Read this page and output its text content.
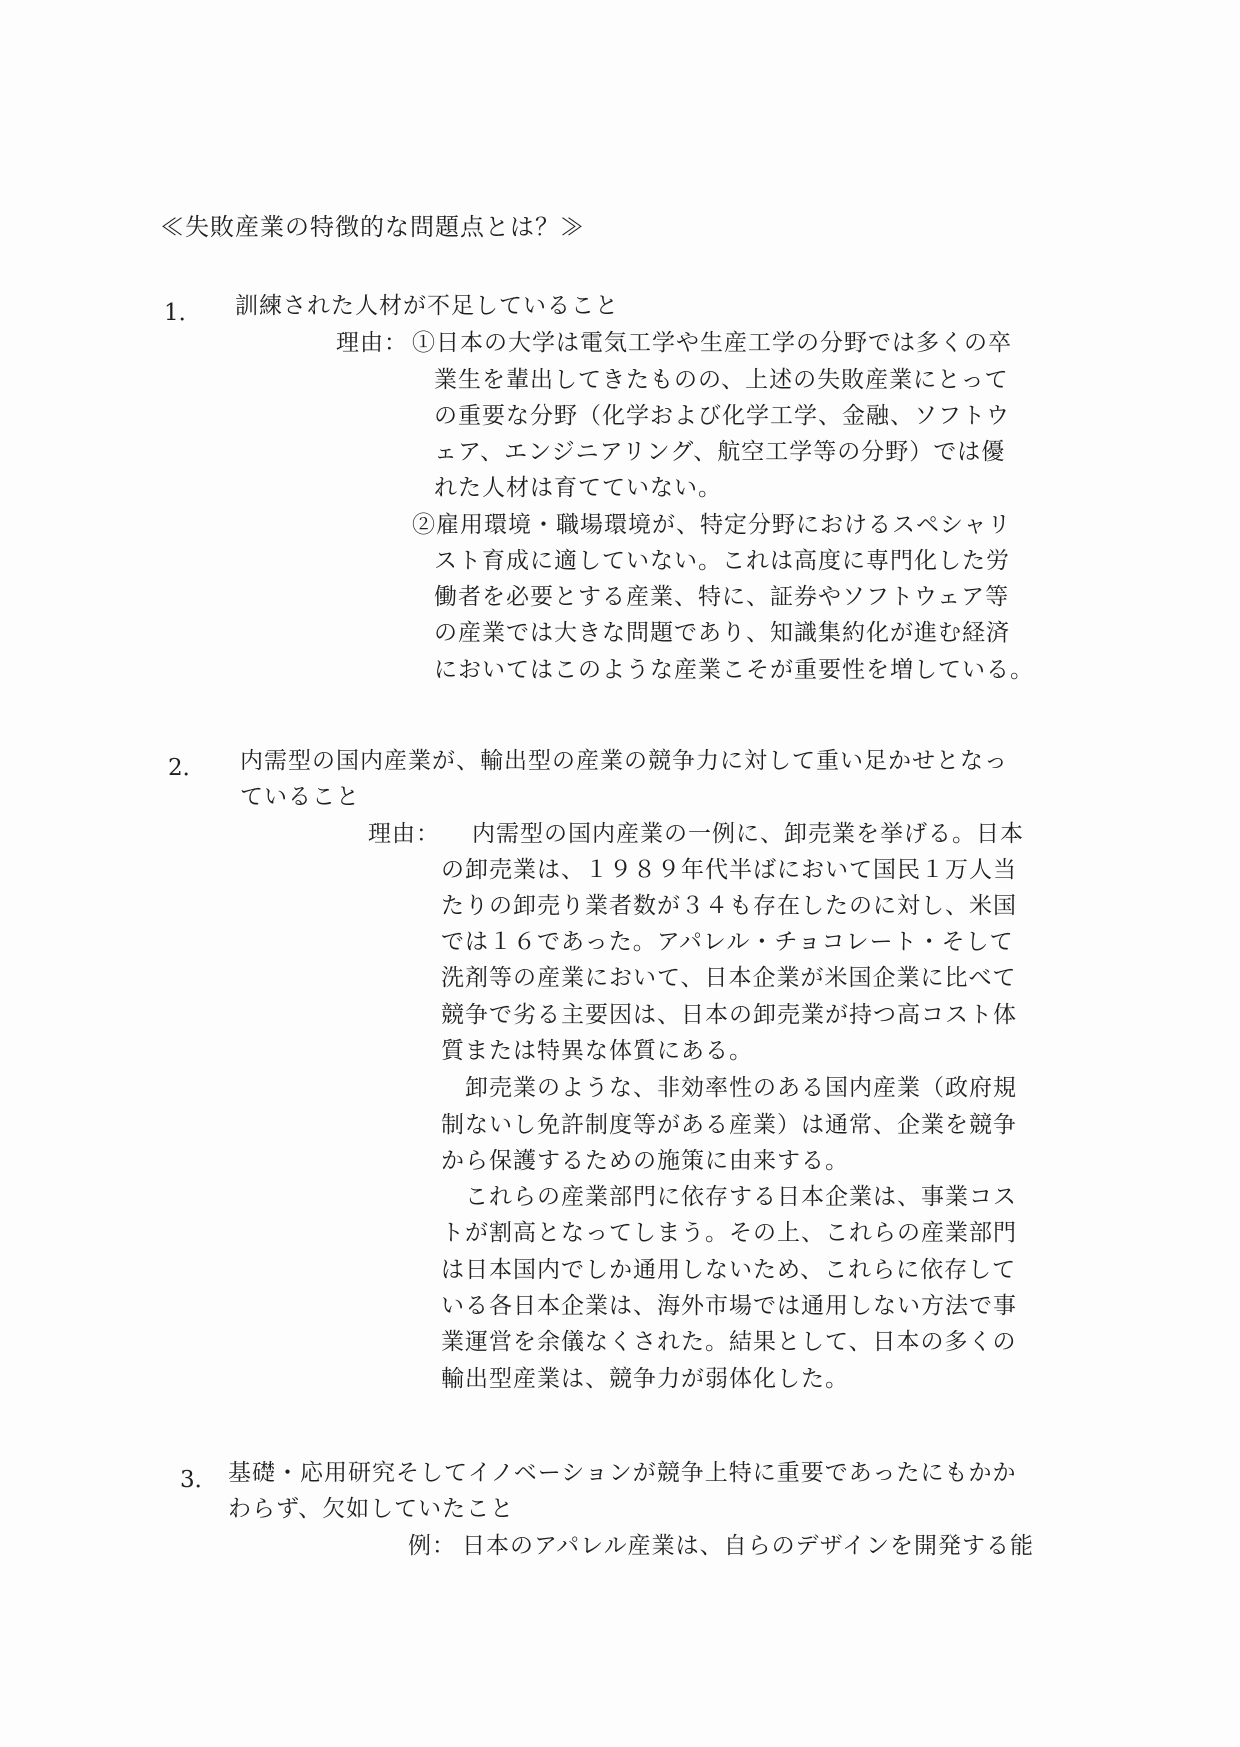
≪失敗産業の特徴的な問題点とは？≫
1． 訓練された人材が不足していること
理由： ①日本の大学は電気工学や生産工学の分野では多くの卒
業生を輩出してきたものの、上述の失敗産業にとって
の重要な分野（化学および化学工学、金融、ソフトウ
ェア、エンジニアリング、航空工学等の分野）では優
れた人材は育てていない。
②雇用環境・職場環境が、特定分野におけるスペシャリ
スト育成に適していない。これは高度に専門化した労
働者を必要とする産業、特に、証券やソフトウェア等
の産業では大きな問題であり、知識集約化が進む経済
においてはこのような産業こそが重要性を増している。
2． 内需型の国内産業が、輸出型の産業の競争力に対して重い足かせとなっ
ていること
理由： 内需型の国内産業の一例に、卸売業を挙げる。日本
の卸売業は、１９８９年代半ばにおいて国民１万人当
たりの卸売り業者数が３４も存在したのに対し、米国
では１６であった。アパレル・チョコレート・そして
洗剤等の産業において、日本企業が米国企業に比べて
競争で劣る主要因は、日本の卸売業が持つ高コスト体
質または特異な体質にある。
　卸売業のような、非効率性のある国内産業（政府規
制ないし免許制度等がある産業）は通常、企業を競争
から保護するための施策に由来する。
　これらの産業部門に依存する日本企業は、事業コス
トが割高となってしまう。その上、これらの産業部門
は日本国内でしか通用しないため、これらに依存して
いる各日本企業は、海外市場では通用しない方法で事
業運営を余儀なくされた。結果として、日本の多くの
輸出型産業は、競争力が弱体化した。
3． 基礎・応用研究そしてイノベーションが競争上特に重要であったにもかか
わらず、欠如していたこと
例： 日本のアパレル産業は、自らのデザインを開発する能
